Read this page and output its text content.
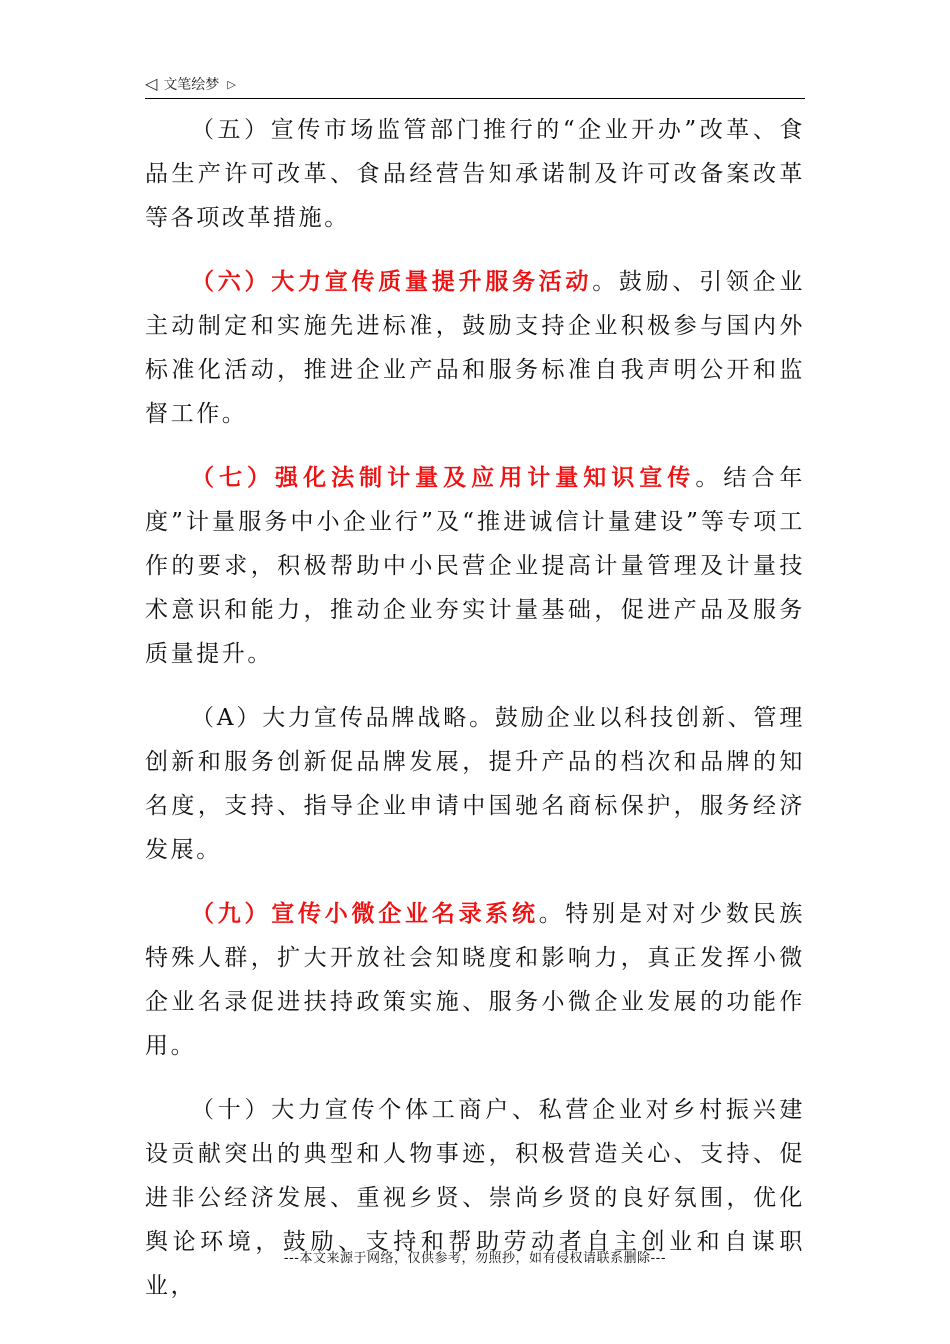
◁ 文笔绘梦 ▷

（五）宣传市场监管部门推行的“企业开办”改革、食品生产许可改革、食品经营告知承诺制及许可改备案改革等各项改革措施。

（六）大力宣传质量提升服务活动。鼓励、引领企业主动制定和实施先进标准，鼓励支持企业积极参与国内外标准化活动，推进企业产品和服务标准自我声明公开和监督工作。

（七）强化法制计量及应用计量知识宣传。结合年度”计量服务中小企业行”及“推进诚信计量建设”等专项工作的要求，积极帮助中小民营企业提高计量管理及计量技术意识和能力，推动企业夯实计量基础，促进产品及服务质量提升。

（A）大力宣传品牌战略。鼓励企业以科技创新、管理创新和服务创新促品牌发展，提升产品的档次和品牌的知名度，支持、指导企业申请中国驰名商标保护，服务经济发展。

（九）宣传小微企业名录系统。特别是对对少数民族特殊人群，扩大开放社会知晓度和影响力，真正发挥小微企业名录促进扶持政策实施、服务小微企业发展的功能作用。

（十）大力宣传个体工商户、私营企业对乡村振兴建设贡献突出的典型和人物事迹，积极营造关心、支持、促进非公经济发展、重视乡贤、崇尚乡贤的良好氛围，优化舆论环境，鼓励、支持和帮助劳动者自主创业和自谋职业，

---本文来源于网络，仅供参考，勿照抄，如有侵权请联系删除---
